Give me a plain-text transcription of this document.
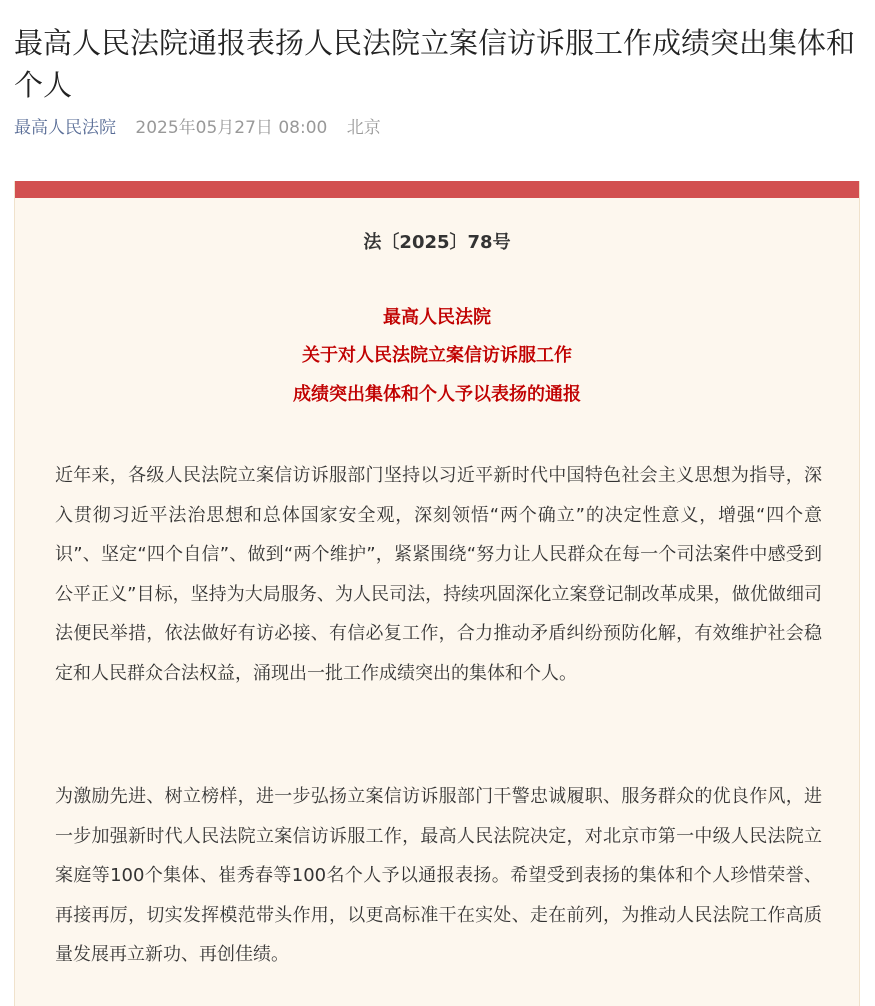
最高人民法院通报表扬人民法院立案信访诉服工作成绩突出集体和个人
最高人民法院 2025年05月27日 08:00 北京
法〔2025〕78号
最高人民法院
关于对人民法院立案信访诉服工作
成绩突出集体和个人予以表扬的通报

近年来，各级人民法院立案信访诉服部门坚持以习近平新时代中国特色社会主义思想为指导，深入贯彻习近平法治思想和总体国家安全观，深刻领悟“两个确立”的决定性意义，增强“四个意识”、坚定“四个自信”、做到“两个维护”，紧紧围绕“努力让人民群众在每一个司法案件中感受到公平正义”目标，坚持为大局服务、为人民司法，持续巩固深化立案登记制改革成果，做优做细司法便民举措，依法做好有访必接、有信必复工作，合力推动矛盾纠纷预防化解，有效维护社会稳定和人民群众合法权益，涌现出一批工作成绩突出的集体和个人。

为激励先进、树立榜样，进一步弘扬立案信访诉服部门干警忠诚履职、服务群众的优良作风，进一步加强新时代人民法院立案信访诉服工作，最高人民法院决定，对北京市第一中级人民法院立案庭等100个集体、崔秀春等100名个人予以通报表扬。希望受到表扬的集体和个人珍惜荣誉、再接再厉，切实发挥模范带头作用，以更高标准干在实处、走在前列，为推动人民法院工作高质量发展再立新功、再创佳绩。
